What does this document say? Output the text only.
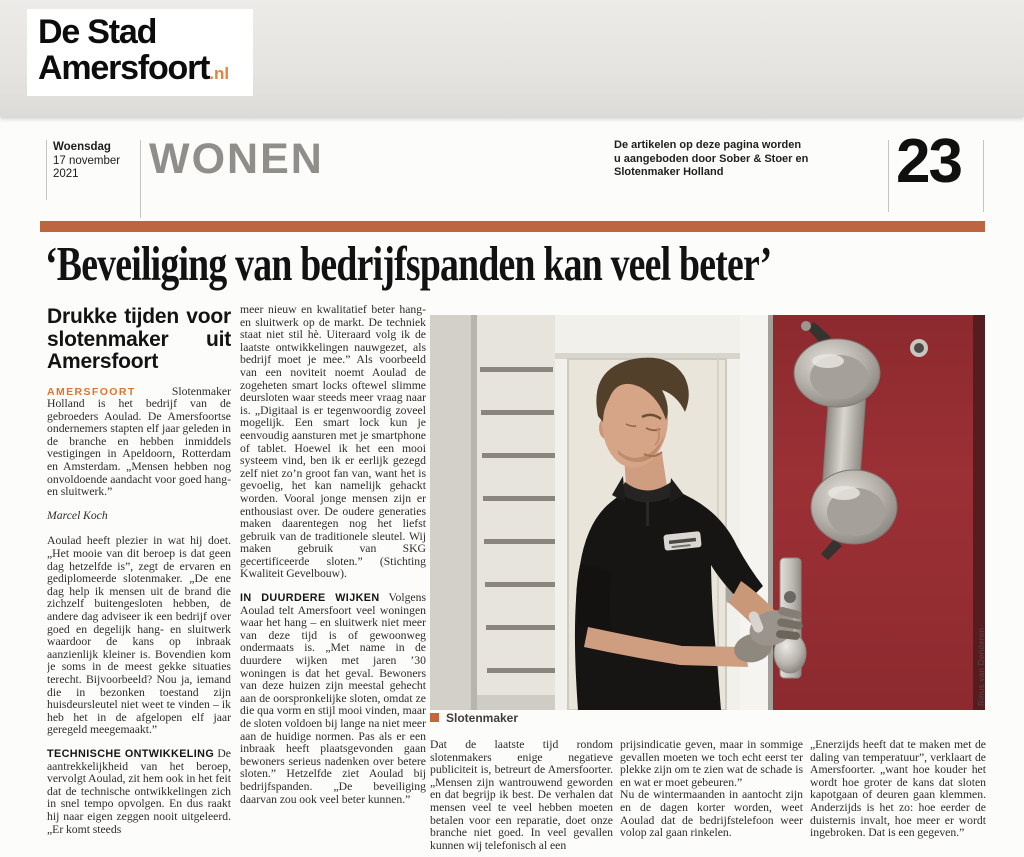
De Stad
Amersfoort.nl
Woensdag
17 november
2021	WONEN	De artikelen op deze pagina worden
u aangeboden door Sober & Stoer en
Slotenmaker Holland	23
‘Beveiliging van bedrijfspanden kan veel beter’
Drukke tijden voor slotenmaker uit Amersfoort

AMERSFOORT	Slotenmaker Holland is het bedrijf van de gebroeders Aoulad. De Amersfoortse ondernemers stapten elf jaar geleden in de branche en hebben inmiddels vestigingen in Apeldoorn, Rotterdam en Amsterdam. „Mensen hebben nog onvoldoende aandacht voor goed hang- en sluitwerk.”

Marcel Koch

Aoulad heeft plezier in wat hij doet. „Het mooie van dit beroep is dat geen dag hetzelfde is”, zegt de ervaren en gediplomeerde slotenmaker. „De ene dag help ik mensen uit de brand die zichzelf buitengesloten hebben, de andere dag adviseer ik een bedrijf over goed en degelijk hang- en sluitwerk waardoor de kans op inbraak aanzienlijk kleiner is. Bovendien kom je soms in de meest gekke situaties terecht. Bijvoorbeeld? Nou ja, iemand die in bezonken toestand zijn huisdeursleutel niet weet te vinden – ik heb het in de afgelopen elf jaar geregeld meegemaakt.”

TECHNISCHE ONTWIKKELING De aantrekkelijkheid van het beroep, vervolgt Aoulad, zit hem ook in het feit dat de technische ontwikkelingen zich in snel tempo opvolgen. En dus raakt hij naar eigen zeggen nooit uitgeleerd. „Er komt steeds

meer nieuw en kwalitatief beter hang- en sluitwerk op de markt. De techniek staat niet stil hè. Uiteraard volg ik de laatste ontwikkelingen nauwgezet, als bedrijf moet je mee.” Als voorbeeld van een noviteit noemt Aoulad de zogeheten smart locks oftewel slimme deursloten waar steeds meer vraag naar is. „Digitaal is er tegenwoordig zoveel mogelijk. Een smart lock kun je eenvoudig aansturen met je smartphone of tablet. Hoewel ik het een mooi systeem vind, ben ik er eerlijk gezegd zelf niet zo’n groot fan van, want het is gevoelig, het kan namelijk gehackt worden. Vooral jonge mensen zijn er enthousiast over. De oudere generaties maken daarentegen nog het liefst gebruik van de traditionele sleutel. Wij maken gebruik van SKG gecertificeerde sloten.” (Stichting Kwaliteit Gevelbouw).

IN DUURDERE WIJKEN Volgens Aoulad telt Amersfoort veel woningen waar het hang – en sluitwerk niet meer van deze tijd is of gewoonweg ondermaats is. „Met name in de duurdere wijken met jaren ’30 woningen is dat het geval. Bewoners van deze huizen zijn meestal gehecht aan de oorspronkelijke sloten, omdat ze die qua vorm en stijl mooi vinden, maar de sloten voldoen bij lange na niet meer aan de huidige normen. Pas als er een inbraak heeft plaatsgevonden gaan bewoners serieus nadenken over betere sloten.” Hetzelfde ziet Aoulad bij bedrijfspanden. „De beveiliging daarvan zou ook veel beter kunnen.”

Slotenmaker
Rinus van Denderen

Dat de laatste tijd rondom slotenmakers enige negatieve publiciteit is, betreurt de Amersfoorter. „Mensen zijn wantrouwend geworden en dat begrijp ik best. De verhalen dat mensen veel te veel hebben moeten betalen voor een reparatie, doet onze branche niet goed. In veel gevallen kunnen wij telefonisch al een

prijsindicatie geven, maar in sommige gevallen moeten we toch echt eerst ter plekke zijn om te zien wat de schade is en wat er moet gebeuren.”

Nu de wintermaanden in aantocht zijn en de dagen korter worden, weet Aoulad dat de bedrijfstelefoon weer volop zal gaan rinkelen.

„Enerzijds heeft dat te maken met de daling van temperatuur”, verklaart de Amersfoorter. „want hoe kouder het wordt hoe groter de kans dat sloten kapotgaan of deuren gaan klemmen. Anderzijds is het zo: hoe eerder de duisternis invalt, hoe meer er wordt ingebroken. Dat is een gegeven.”
